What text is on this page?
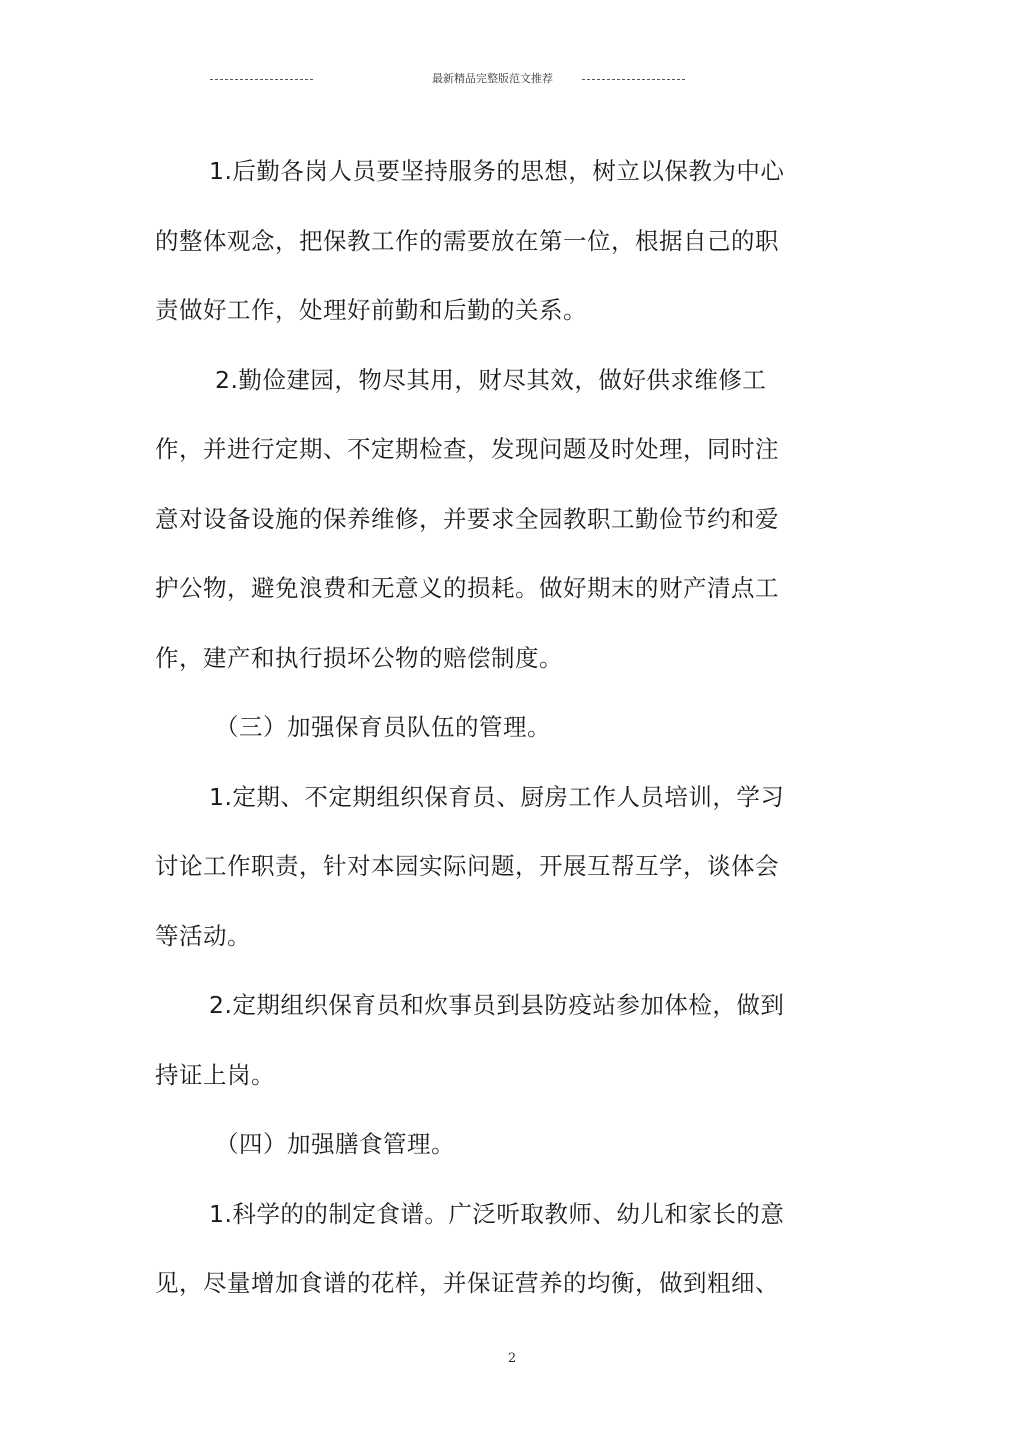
最新精品完整版范文推荐

1.后勤各岗人员要坚持服务的思想，树立以保教为中心的整体观念，把保教工作的需要放在第一位，根据自己的职责做好工作，处理好前勤和后勤的关系。

2.勤俭建园，物尽其用，财尽其效，做好供求维修工作，并进行定期、不定期检查，发现问题及时处理，同时注意对设备设施的保养维修，并要求全园教职工勤俭节约和爱护公物，避免浪费和无意义的损耗。做好期末的财产清点工作，建产和执行损坏公物的赔偿制度。

（三）加强保育员队伍的管理。

1.定期、不定期组织保育员、厨房工作人员培训，学习讨论工作职责，针对本园实际问题，开展互帮互学，谈体会等活动。

2.定期组织保育员和炊事员到县防疫站参加体检，做到持证上岗。

（四）加强膳食管理。

1.科学的的制定食谱。广泛听取教师、幼儿和家长的意见，尽量增加食谱的花样，并保证营养的均衡，做到粗细、

2
